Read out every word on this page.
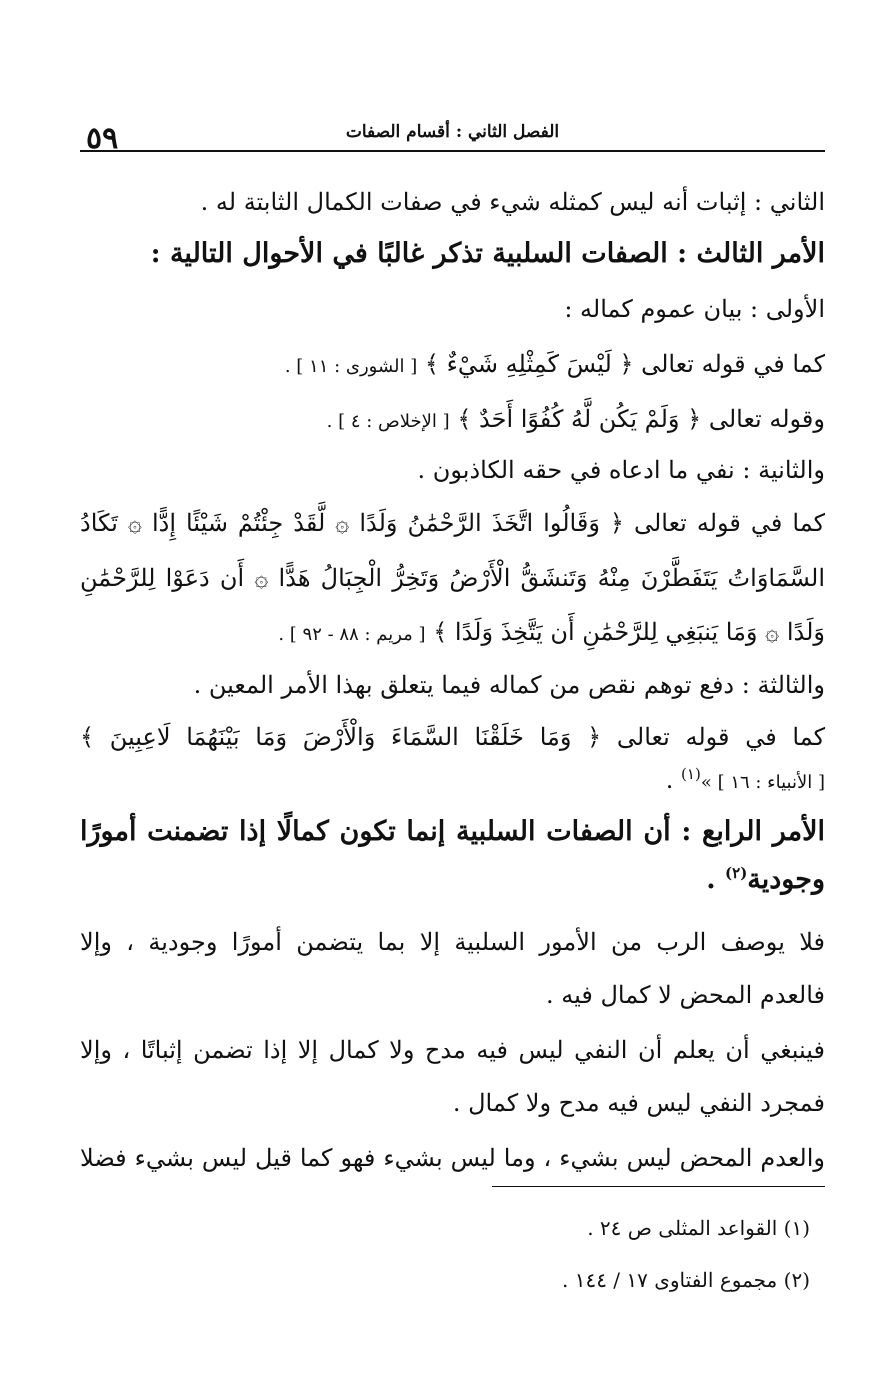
٥٩	الفصل الثاني : أقسام الصفات
الثاني : إثبات أنه ليس كمثله شيء في صفات الكمال الثابتة له .
الأمر الثالث : الصفات السلبية تذكر غالبًا في الأحوال التالية :
الأولى : بيان عموم كماله :
كما في قوله تعالى ﴿ لَيْسَ كَمِثْلِهِ شَيْءٌ ﴾ [ الشورى : ١١ ] .
وقوله تعالى ﴿ وَلَمْ يَكُن لَّهُ كُفُوًا أَحَدٌ ﴾ [ الإخلاص : ٤ ] .
والثانية : نفي ما ادعاه في حقه الكاذبون .
كما في قوله تعالى ﴿ وَقَالُوا اتَّخَذَ الرَّحْمَٰنُ وَلَدًا ۞ لَّقَدْ جِئْتُمْ شَيْئًا إِدًّا ۞ تَكَادُ
السَّمَاوَاتُ يَتَفَطَّرْنَ مِنْهُ وَتَنشَقُّ الْأَرْضُ وَتَخِرُّ الْجِبَالُ هَدًّا ۞ أَن دَعَوْا لِلرَّحْمَٰنِ
وَلَدًا ۞ وَمَا يَنبَغِي لِلرَّحْمَٰنِ أَن يَتَّخِذَ وَلَدًا ﴾ [ مريم : ٨٨ - ٩٢ ] .
والثالثة : دفع توهم نقص من كماله فيما يتعلق بهذا الأمر المعين .
كما في قوله تعالى ﴿ وَمَا خَلَقْنَا السَّمَاءَ وَالْأَرْضَ وَمَا بَيْنَهُمَا لَاعِبِينَ ﴾
[ الأنبياء : ١٦ ] »$^{(١)}$ .
الأمر الرابع : أن الصفات السلبية إنما تكون كمالًا إذا تضمنت أمورًا
وجودية$^{(٢)}$ .
فلا يوصف الرب من الأمور السلبية إلا بما يتضمن أمورًا وجودية ، وإلا
فالعدم المحض لا كمال فيه .
فينبغي أن يعلم أن النفي ليس فيه مدح ولا كمال إلا إذا تضمن إثباتًا ، وإلا
فمجرد النفي ليس فيه مدح ولا كمال .
والعدم المحض ليس بشيء ، وما ليس بشيء فهو كما قيل ليس بشيء فضلا
(١) القواعد المثلى ص ٢٤ .
(٢) مجموع الفتاوى ١٧ / ١٤٤ .
